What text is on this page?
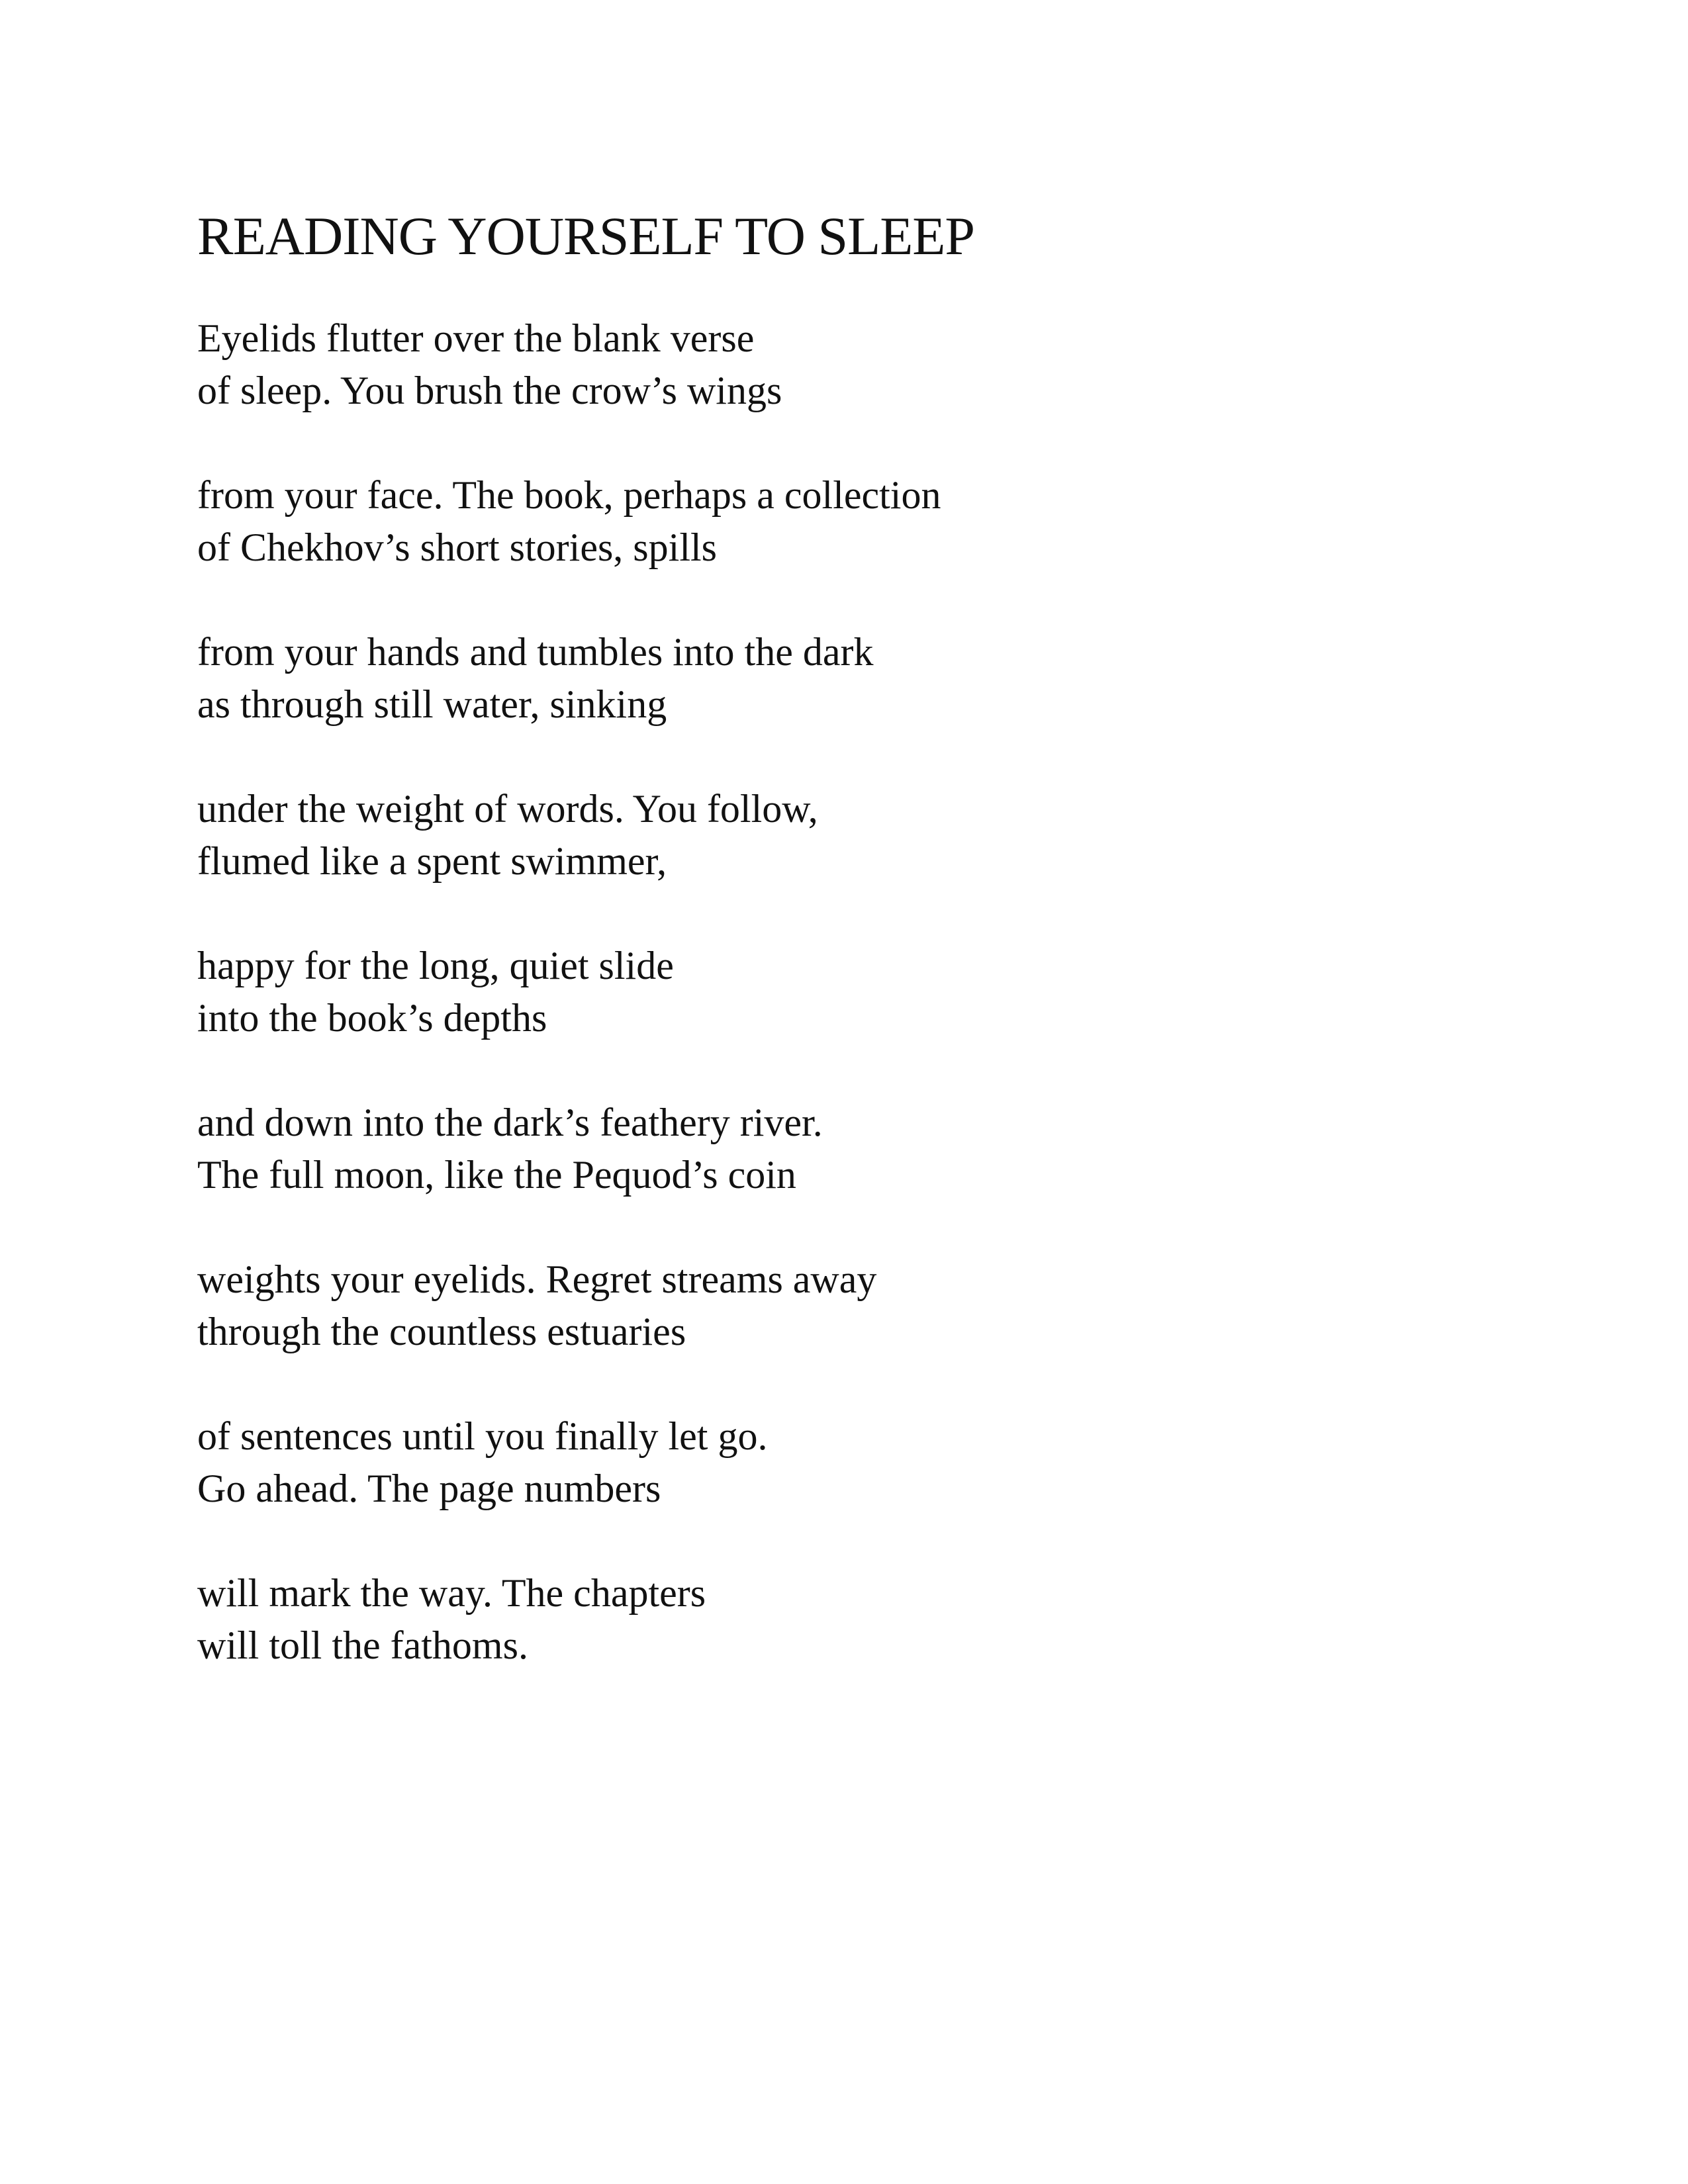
READING YOURSELF TO SLEEP
Eyelids flutter over the blank verse
of sleep. You brush the crow’s wings
from your face. The book, perhaps a collection
of Chekhov’s short stories, spills
from your hands and tumbles into the dark
as through still water, sinking
under the weight of words. You follow,
flumed like a spent swimmer,
happy for the long, quiet slide
into the book’s depths
and down into the dark’s feathery river.
The full moon, like the Pequod’s coin
weights your eyelids. Regret streams away
through the countless estuaries
of sentences until you finally let go.
Go ahead. The page numbers
will mark the way. The chapters
will toll the fathoms.
